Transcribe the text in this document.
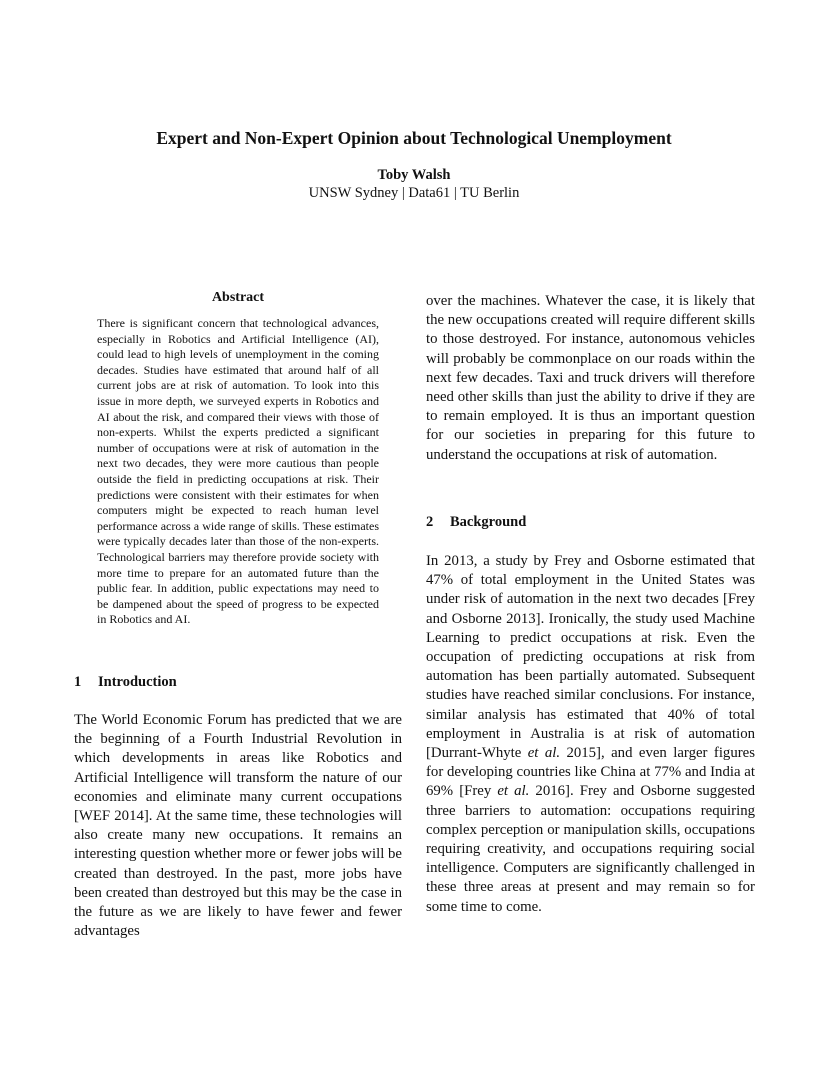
Expert and Non-Expert Opinion about Technological Unemployment
Toby Walsh
UNSW Sydney | Data61 | TU Berlin
Abstract
There is significant concern that technological advances, especially in Robotics and Artificial Intelligence (AI), could lead to high levels of unemployment in the coming decades. Studies have estimated that around half of all current jobs are at risk of automation. To look into this issue in more depth, we surveyed experts in Robotics and AI about the risk, and compared their views with those of non-experts. Whilst the experts predicted a significant number of occupations were at risk of automation in the next two decades, they were more cautious than people outside the field in predicting occupations at risk. Their predictions were consistent with their estimates for when computers might be expected to reach human level performance across a wide range of skills. These estimates were typically decades later than those of the non-experts. Technological barriers may therefore provide society with more time to prepare for an automated future than the public fear. In addition, public expectations may need to be dampened about the speed of progress to be expected in Robotics and AI.
1 Introduction

The World Economic Forum has predicted that we are the beginning of a Fourth Industrial Revolution in which developments in areas like Robotics and Artificial Intelligence will transform the nature of our economies and eliminate many current occupations [WEF 2014]. At the same time, these technologies will also create many new occupations. It remains an interesting question whether more or fewer jobs will be created than destroyed. In the past, more jobs have been created than destroyed but this may be the case in the future as we are likely to have fewer and fewer advantages

over the machines. Whatever the case, it is likely that the new occupations created will require different skills to those destroyed. For instance, autonomous vehicles will probably be commonplace on our roads within the next few decades. Taxi and truck drivers will therefore need other skills than just the ability to drive if they are to remain employed. It is thus an important question for our societies in preparing for this future to understand the occupations at risk of automation.

2 Background

In 2013, a study by Frey and Osborne estimated that 47% of total employment in the United States was under risk of automation in the next two decades [Frey and Osborne 2013]. Ironically, the study used Machine Learning to predict occupations at risk. Even the occupation of predicting occupations at risk from automation has been partially automated. Subsequent studies have reached similar conclusions. For instance, similar analysis has estimated that 40% of total employment in Australia is at risk of automation [Durrant-Whyte et al. 2015], and even larger figures for developing countries like China at 77% and India at 69% [Frey et al. 2016]. Frey and Osborne suggested three barriers to automation: occupations requiring complex perception or manipulation skills, occupations requiring creativity, and occupations requiring social intelligence. Computers are significantly challenged in these three areas at present and may remain so for some time to come.
